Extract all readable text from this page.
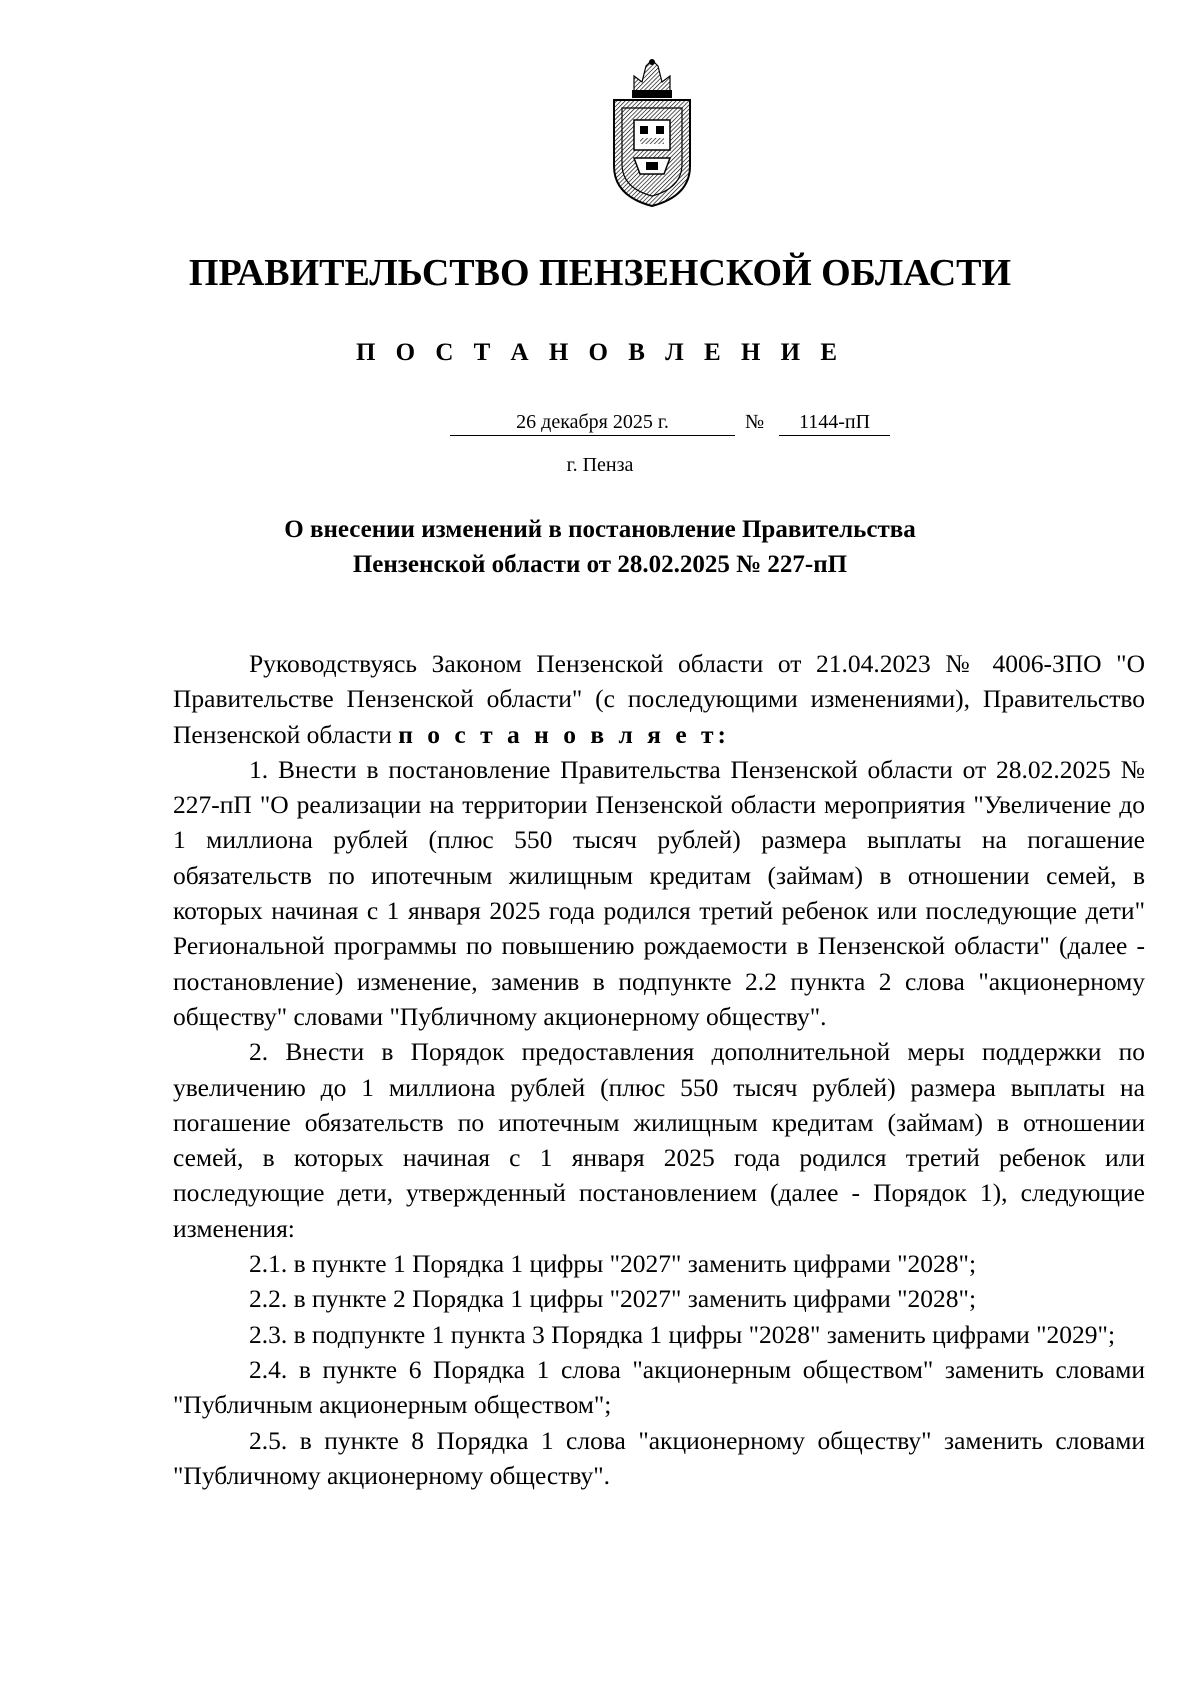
ПРАВИТЕЛЬСТВО ПЕНЗЕНСКОЙ ОБЛАСТИ
П О С Т А Н О В Л Е Н И Е
26 декабря 2025 г.	№	1144-пП
г. Пенза
О внесении изменений в постановление Правительства
Пензенской области от 28.02.2025 № 227-пП

Руководствуясь Законом Пензенской области от 21.04.2023 № 4006-ЗПО "О Правительстве Пензенской области" (с последующими изменениями), Правительство Пензенской области п о с т а н о в л я е т:

1. Внести в постановление Правительства Пензенской области от 28.02.2025 № 227-пП "О реализации на территории Пензенской области мероприятия "Увеличение до 1 миллиона рублей (плюс 550 тысяч рублей) размера выплаты на погашение обязательств по ипотечным жилищным кредитам (займам) в отношении семей, в которых начиная с 1 января 2025 года родился третий ребенок или последующие дети" Региональной программы по повышению рождаемости в Пензенской области" (далее - постановление) изменение, заменив в подпункте 2.2 пункта 2 слова "акционерному обществу" словами "Публичному акционерному обществу".

2. Внести в Порядок предоставления дополнительной меры поддержки по увеличению до 1 миллиона рублей (плюс 550 тысяч рублей) размера выплаты на погашение обязательств по ипотечным жилищным кредитам (займам) в отношении семей, в которых начиная с 1 января 2025 года родился третий ребенок или последующие дети, утвержденный постановлением (далее - Порядок 1), следующие изменения:

2.1. в пункте 1 Порядка 1 цифры "2027" заменить цифрами "2028";

2.2. в пункте 2 Порядка 1 цифры "2027" заменить цифрами "2028";

2.3. в подпункте 1 пункта 3 Порядка 1 цифры "2028" заменить цифрами "2029";

2.4. в пункте 6 Порядка 1 слова "акционерным обществом" заменить словами "Публичным акционерным обществом";

2.5. в пункте 8 Порядка 1 слова "акционерному обществу" заменить словами "Публичному акционерному обществу".
